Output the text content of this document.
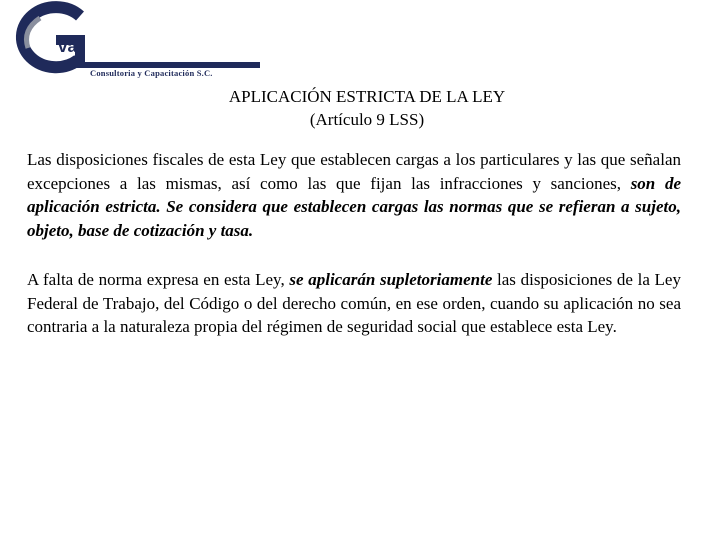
va
Consultoria y Capacitación S.C.
APLICACIÓN ESTRICTA DE LA LEY
(Artículo 9 LSS)

Las disposiciones fiscales de esta Ley que establecen cargas a los particulares y las que señalan excepciones a las mismas, así como las que fijan las infracciones y sanciones, son de aplicación estricta. Se considera que establecen cargas las normas que se refieran a sujeto, objeto, base de cotización y tasa.

A falta de norma expresa en esta Ley, se aplicarán supletoriamente las disposiciones de la Ley Federal de Trabajo, del Código o del derecho común, en ese orden, cuando su aplicación no sea contraria a la naturaleza propia del régimen de seguridad social que establece esta Ley.
